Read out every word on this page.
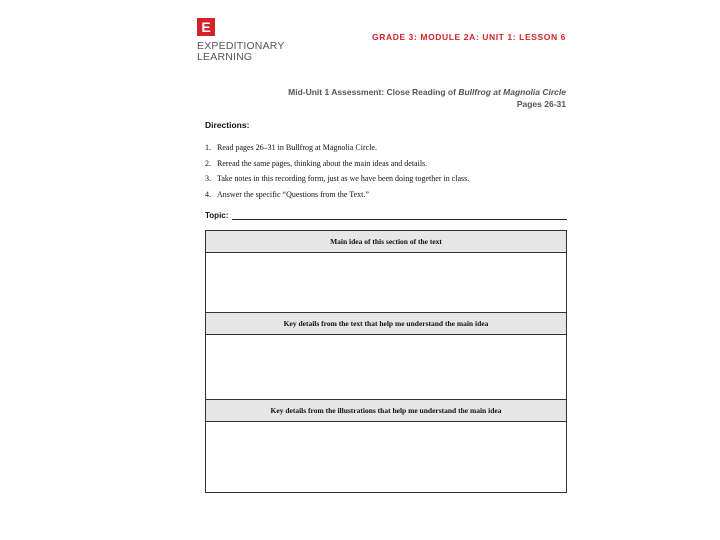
E
EXPEDITIONARY
LEARNING
GRADE 3: MODULE 2A: UNIT 1: LESSON 6
Mid-Unit 1 Assessment: Close Reading of Bullfrog at Magnolia Circle
Pages 26-31
Directions:
1. Read pages 26–31 in Bullfrog at Magnolia Circle.
2. Reread the same pages, thinking about the main ideas and details.
3. Take notes in this recording form, just as we have been doing together in class.
4. Answer the specific “Questions from the Text.”
Topic:
Main idea of this section of the text

Key details from the text that help me understand the main idea

Key details from the illustrations that help me understand the main idea
